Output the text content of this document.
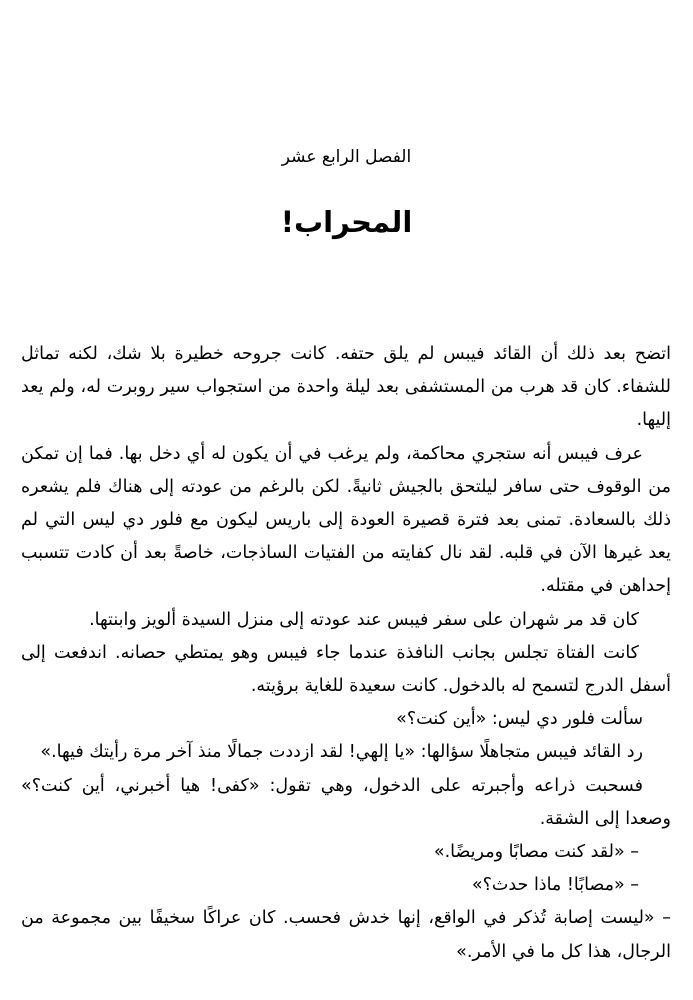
الفصل الرابع عشر
المحراب!

اتضح بعد ذلك أن القائد فيبس لم يلق حتفه. كانت جروحه خطيرة بلا شك، لكنه تماثل للشفاء. كان قد هرب من المستشفى بعد ليلة واحدة من استجواب سير روبرت له، ولم يعد إليها.

عرف فيبس أنه ستجري محاكمة، ولم يرغب في أن يكون له أي دخل بها. فما إن تمكن من الوقوف حتى سافر ليلتحق بالجيش ثانيةً. لكن بالرغم من عودته إلى هناك فلم يشعره ذلك بالسعادة. تمنى بعد فترة قصيرة العودة إلى باريس ليكون مع فلور دي ليس التي لم يعد غيرها الآن في قلبه. لقد نال كفايته من الفتيات الساذجات، خاصةً بعد أن كادت تتسبب إحداهن في مقتله.

كان قد مر شهران على سفر فيبس عند عودته إلى منزل السيدة ألويز وابنتها.

كانت الفتاة تجلس بجانب النافذة عندما جاء فيبس وهو يمتطي حصانه. اندفعت إلى أسفل الدرج لتسمح له بالدخول. كانت سعيدة للغاية برؤيته.

سألت فلور دي ليس: «أين كنت؟»

رد القائد فيبس متجاهلًا سؤالها: «يا إلهي! لقد ازددت جمالًا منذ آخر مرة رأيتك فيها.»

فسحبت ذراعه وأجبرته على الدخول، وهي تقول: «كفى! هيا أخبرني، أين كنت؟» وصعدا إلى الشقة.

– «لقد كنت مصابًا ومريضًا.»

– «مصابًا! ماذا حدث؟»

– «ليست إصابة تُذكر في الواقع، إنها خدش فحسب. كان عراكًا سخيفًا بين مجموعة من الرجال، هذا كل ما في الأمر.»
